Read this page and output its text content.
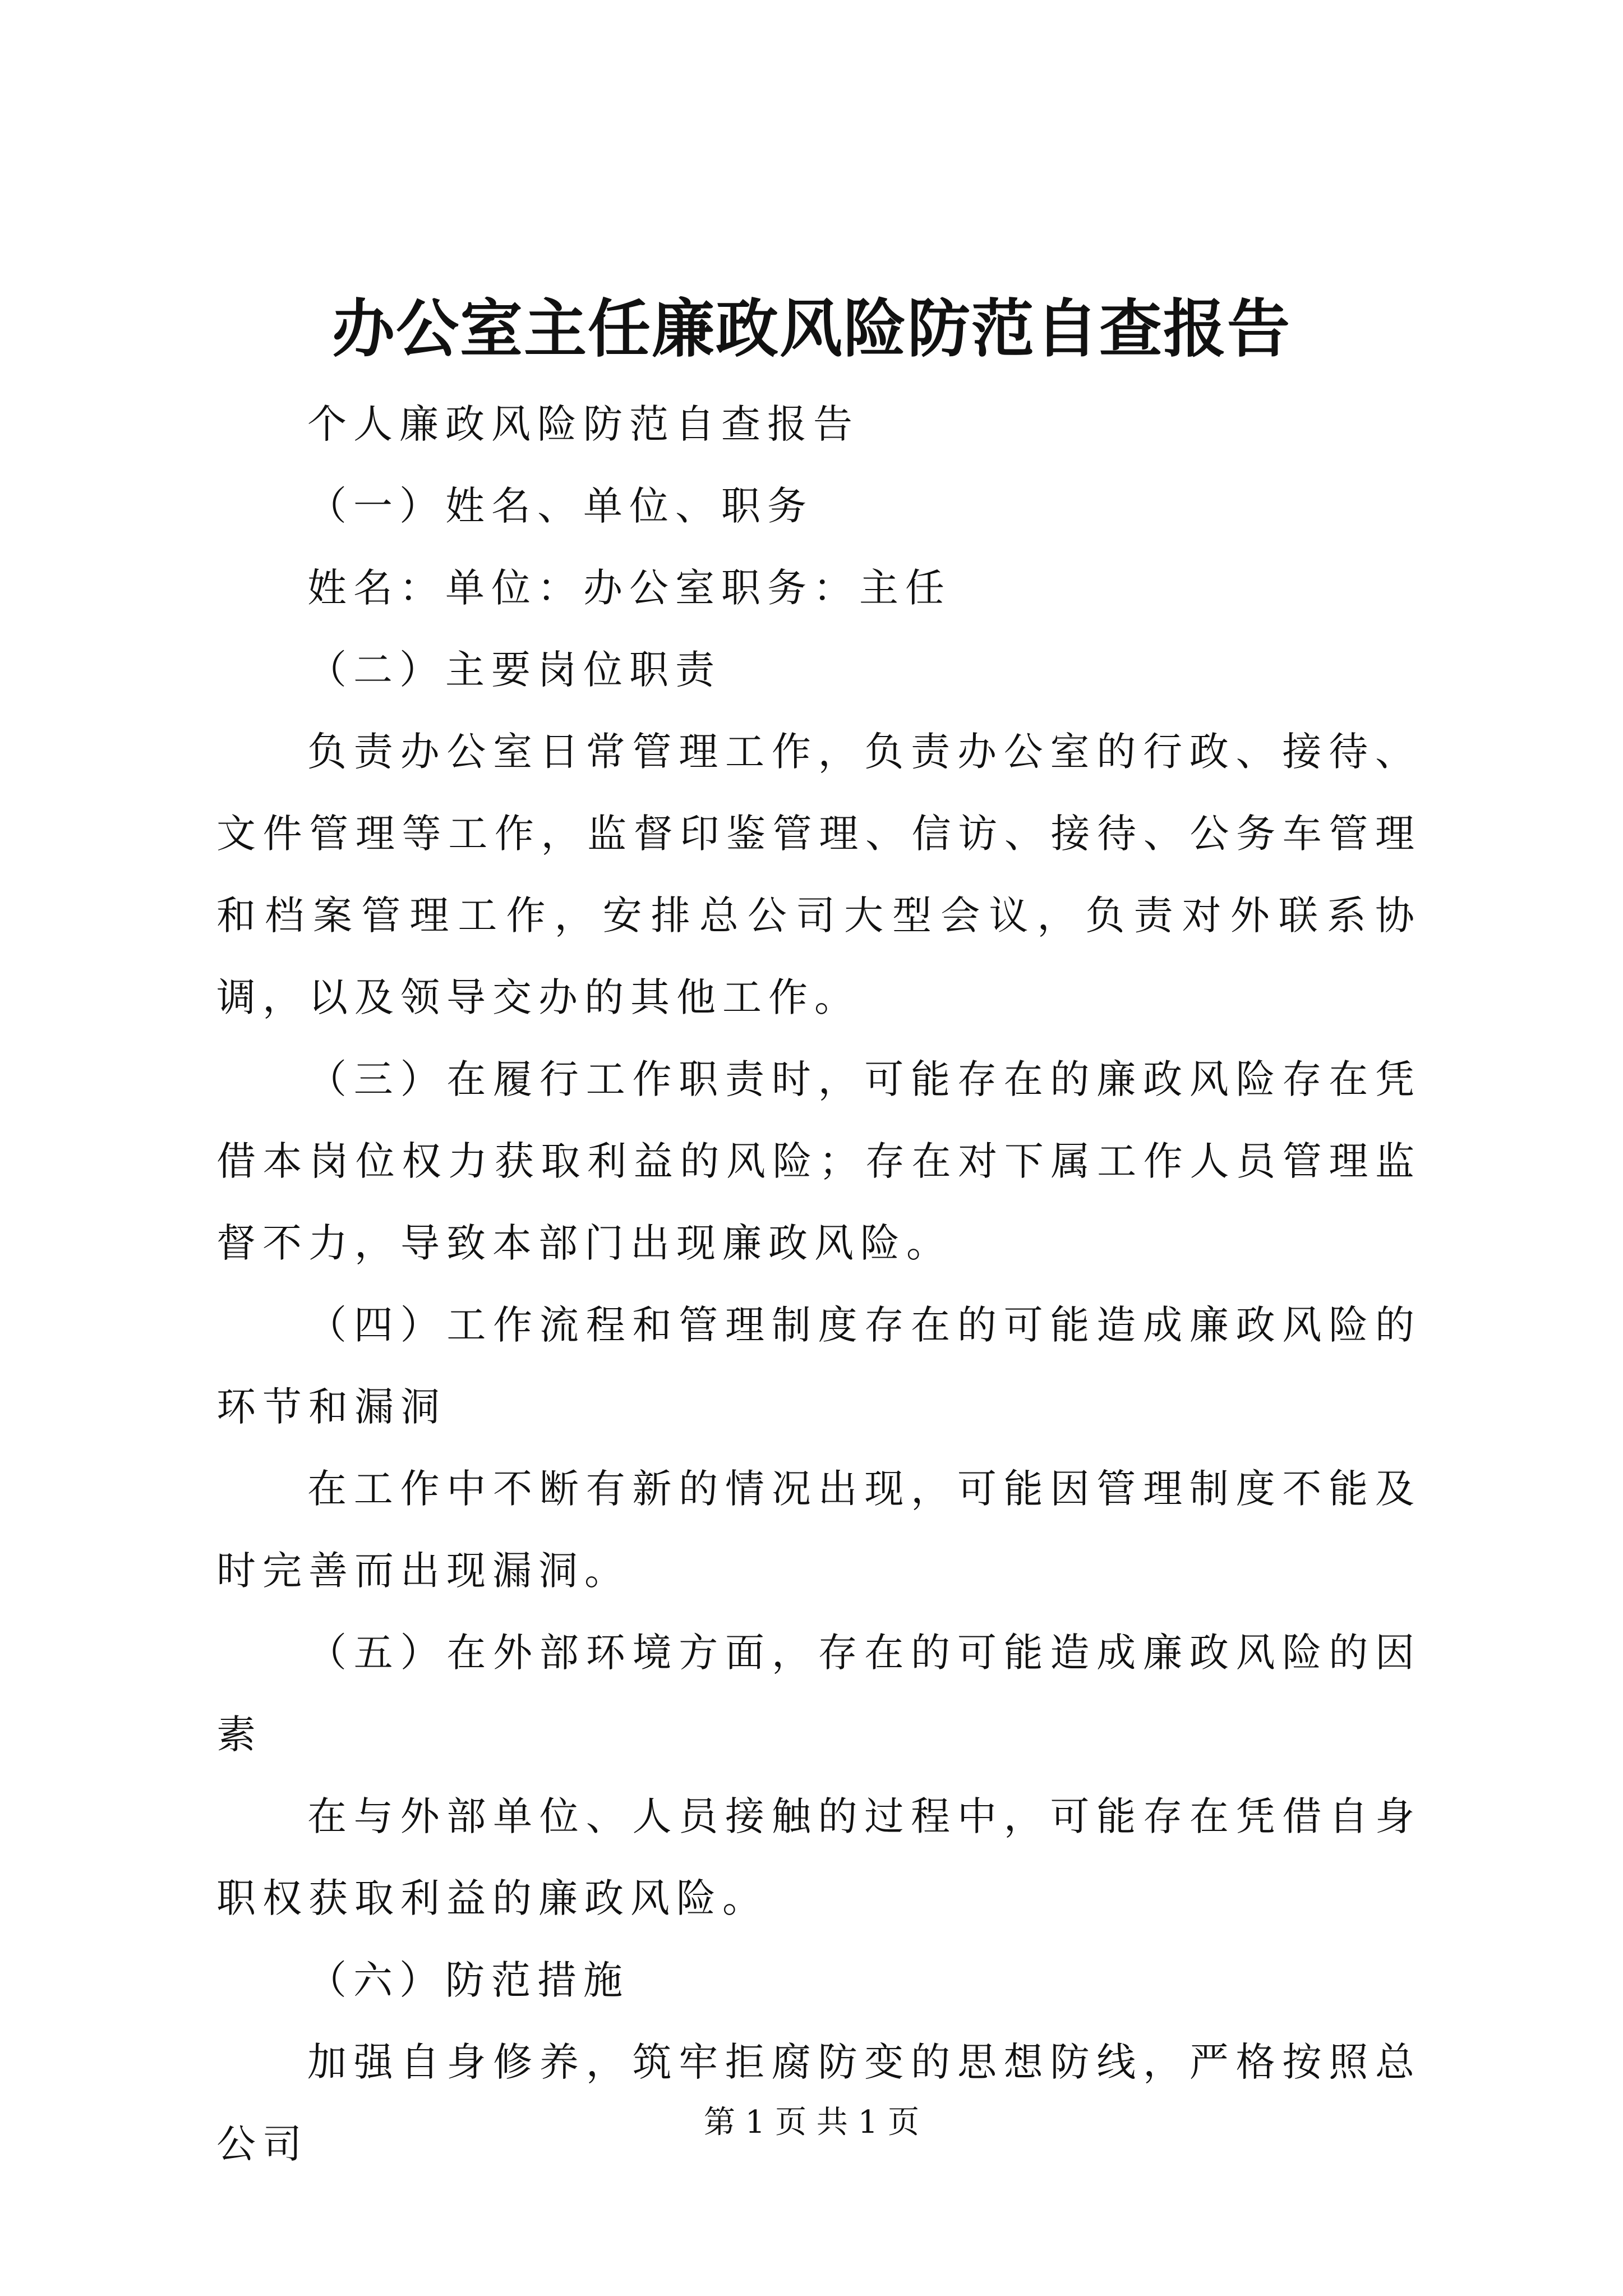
办公室主任廉政风险防范自查报告

个人廉政风险防范自查报告

（一）姓名、单位、职务

姓名：单位：办公室职务：主任

（二）主要岗位职责

负责办公室日常管理工作，负责办公室的行政、接待、文件管理等工作，监督印鉴管理、信访、接待、公务车管理和档案管理工作，安排总公司大型会议，负责对外联系协调，以及领导交办的其他工作。

（三）在履行工作职责时，可能存在的廉政风险存在凭借本岗位权力获取利益的风险；存在对下属工作人员管理监督不力，导致本部门出现廉政风险。

（四）工作流程和管理制度存在的可能造成廉政风险的环节和漏洞

在工作中不断有新的情况出现，可能因管理制度不能及时完善而出现漏洞。

（五）在外部环境方面，存在的可能造成廉政风险的因素

在与外部单位、人员接触的过程中，可能存在凭借自身职权获取利益的廉政风险。

（六）防范措施

加强自身修养，筑牢拒腐防变的思想防线，严格按照总公司	第 1 页 共 1 页
